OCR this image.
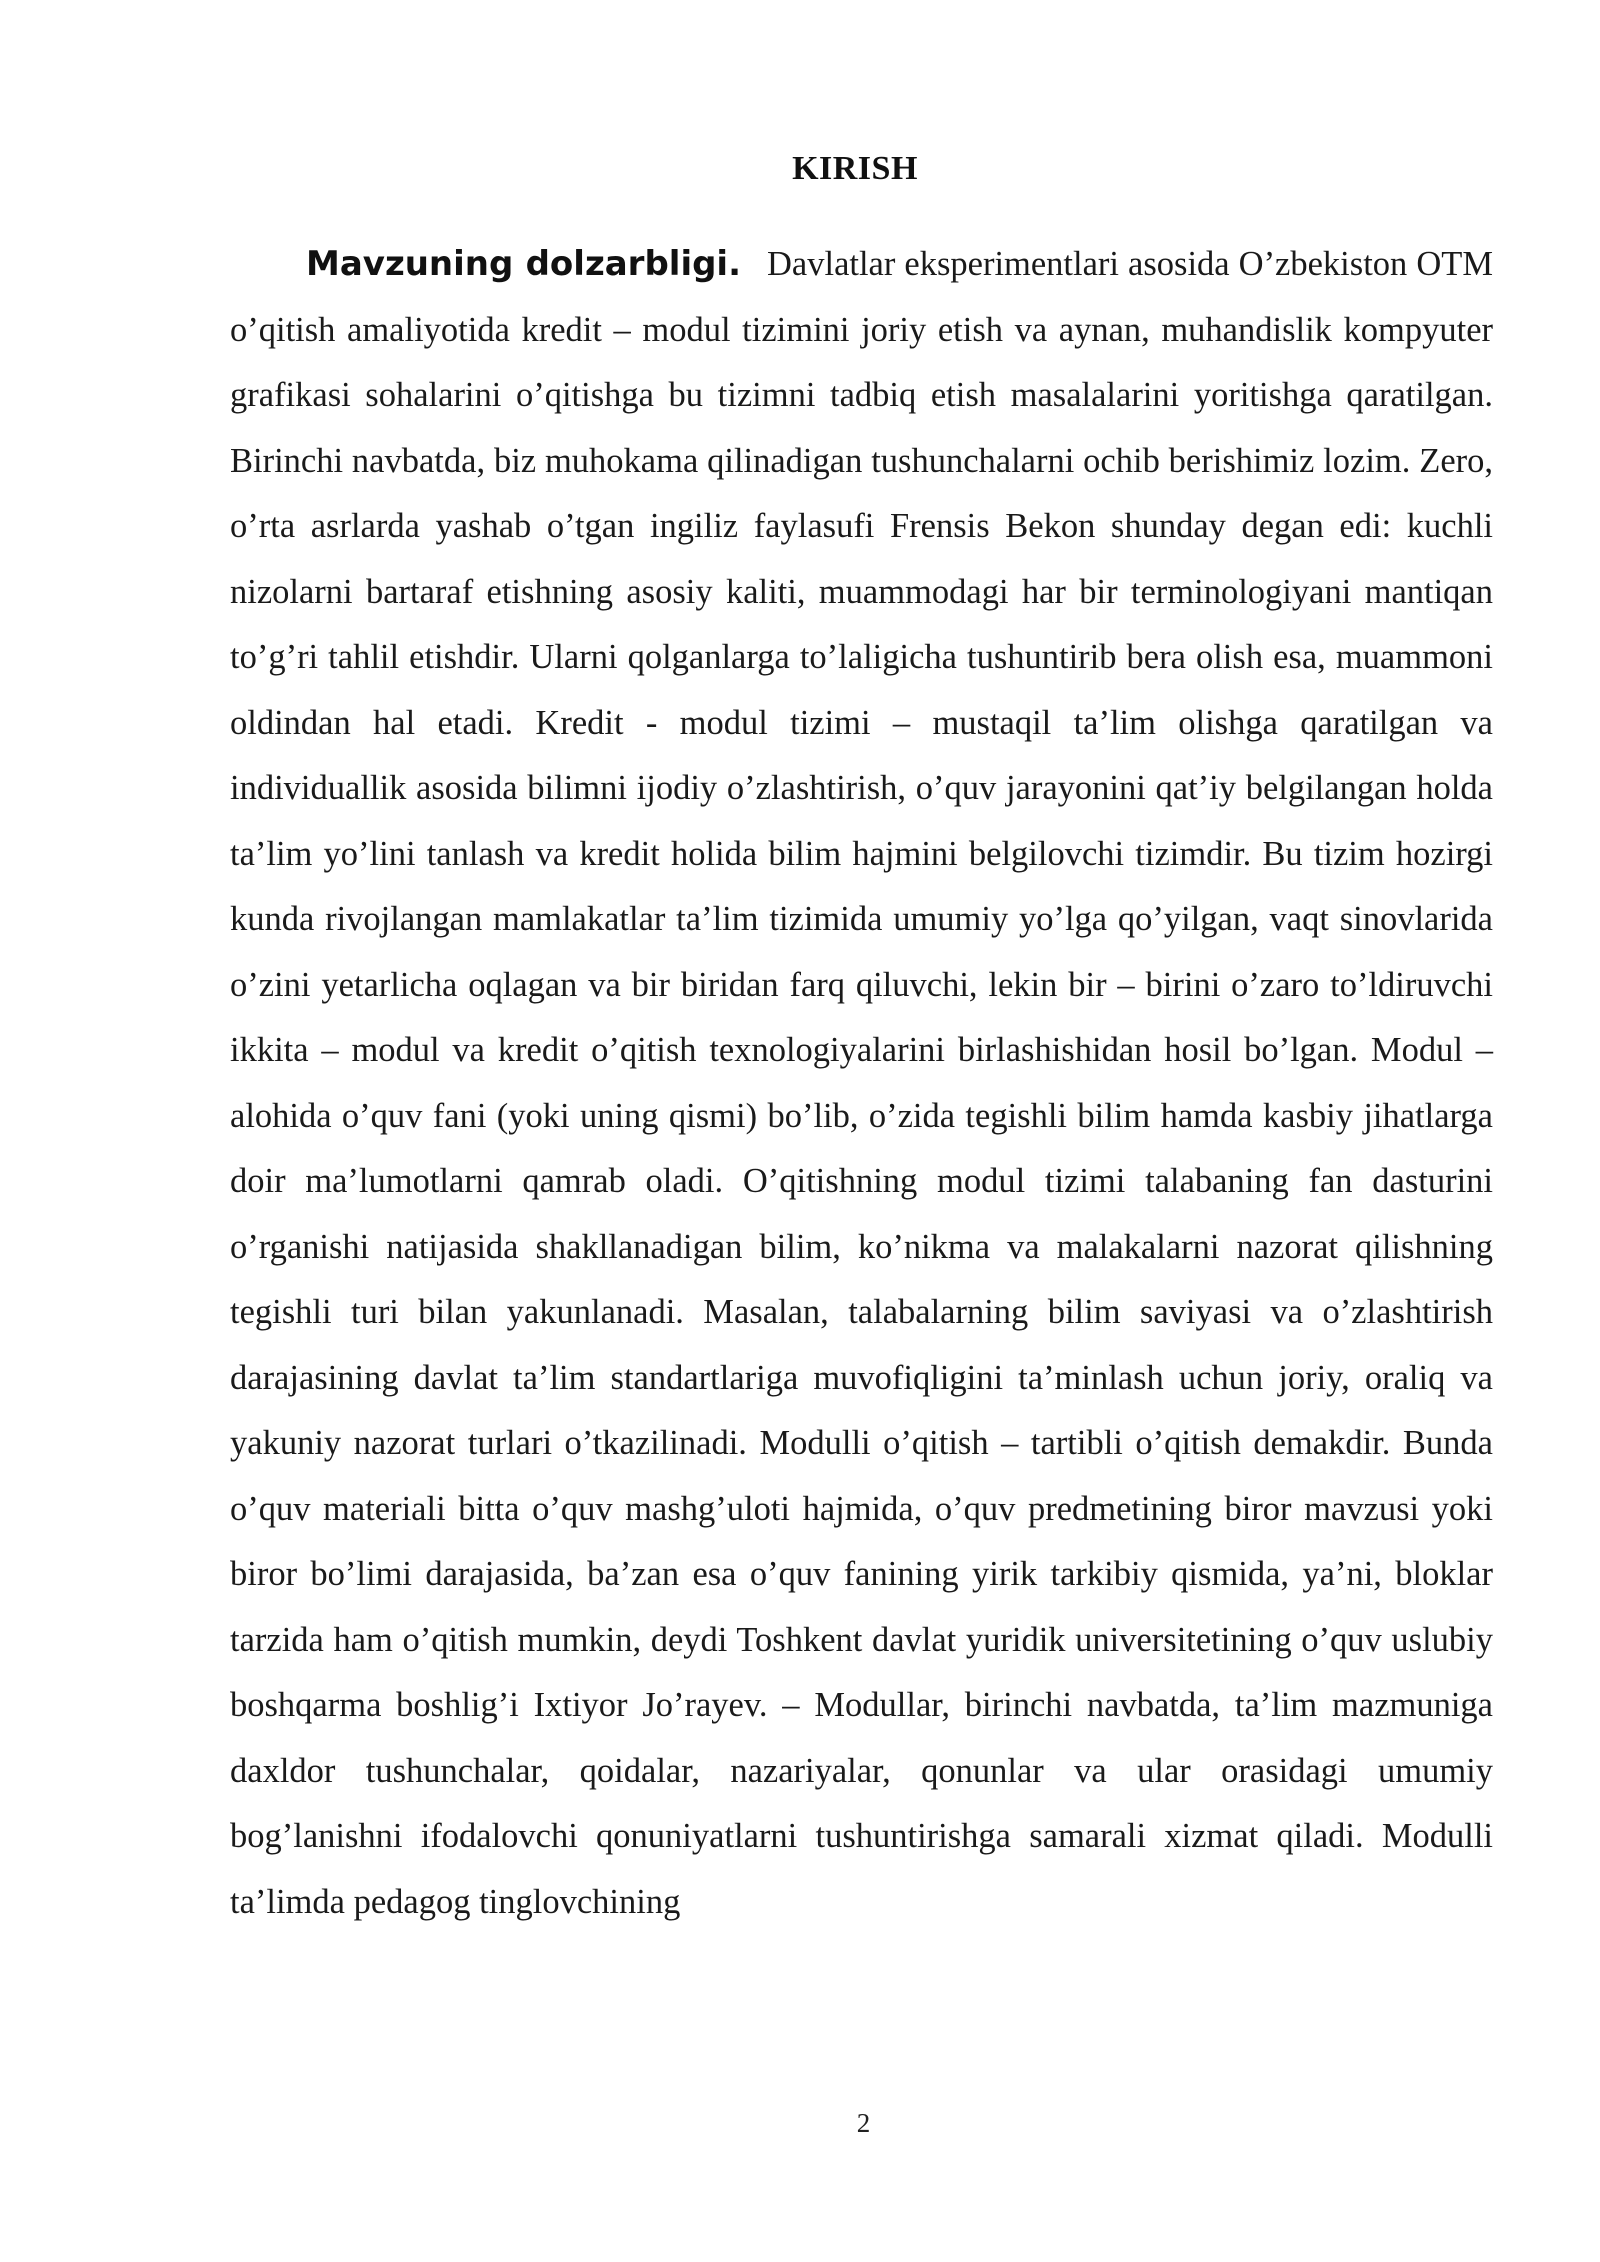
KIRISH

Mavzuning dolzarbligi. Davlatlar eksperimentlari asosida O’zbekiston OTM o’qitish amaliyotida kredit – modul tizimini joriy etish va aynan, muhandislik kompyuter grafikasi sohalarini o’qitishga bu tizimni tadbiq etish masalalarini yoritishga qaratilgan. Birinchi navbatda, biz muhokama qilinadigan tushunchalarni ochib berishimiz lozim. Zero, o’rta asrlarda yashab o’tgan ingiliz faylasufi Frensis Bekon shunday degan edi: kuchli nizolarni bartaraf etishning asosiy kaliti, muammodagi har bir terminologiyani mantiqan to’g’ri tahlil etishdir. Ularni qolganlarga to’laligicha tushuntirib bera olish esa, muammoni oldindan hal etadi. Kredit - modul tizimi – mustaqil ta’lim olishga qaratilgan va individuallik asosida bilimni ijodiy o’zlashtirish, o’quv jarayonini qat’iy belgilangan holda ta’lim yo’lini tanlash va kredit holida bilim hajmini belgilovchi tizimdir. Bu tizim hozirgi kunda rivojlangan mamlakatlar ta’lim tizimida umumiy yo’lga qo’yilgan, vaqt sinovlarida o’zini yetarlicha oqlagan va bir biridan farq qiluvchi, lekin bir – birini o’zaro to’ldiruvchi ikkita – modul va kredit o’qitish texnologiyalarini birlashishidan hosil bo’lgan. Modul – alohida o’quv fani (yoki uning qismi) bo’lib, o’zida tegishli bilim hamda kasbiy jihatlarga doir ma’lumotlarni qamrab oladi. O’qitishning modul tizimi talabaning fan dasturini o’rganishi natijasida shakllanadigan bilim, ko’nikma va malakalarni nazorat qilishning tegishli turi bilan yakunlanadi. Masalan, talabalarning bilim saviyasi va o’zlashtirish darajasining davlat ta’lim standartlariga muvofiqligini ta’minlash uchun joriy, oraliq va yakuniy nazorat turlari o’tkazilinadi. Modulli o’qitish – tartibli o’qitish demakdir. Bunda o’quv materiali bitta o’quv mashg’uloti hajmida, o’quv predmetining biror mavzusi yoki biror bo’limi darajasida, ba’zan esa o’quv fanining yirik tarkibiy qismida, ya’ni, bloklar tarzida ham o’qitish mumkin, deydi Toshkent davlat yuridik universitetining o’quv uslubiy boshqarma boshlig’i Ixtiyor Jo’rayev. – Modullar, birinchi navbatda, ta’lim mazmuniga daxldor tushunchalar, qoidalar, nazariyalar, qonunlar va ular orasidagi umumiy bog’lanishni ifodalovchi qonuniyatlarni tushuntirishga samarali xizmat qiladi. Modulli ta’limda pedagog tinglovchining

2
